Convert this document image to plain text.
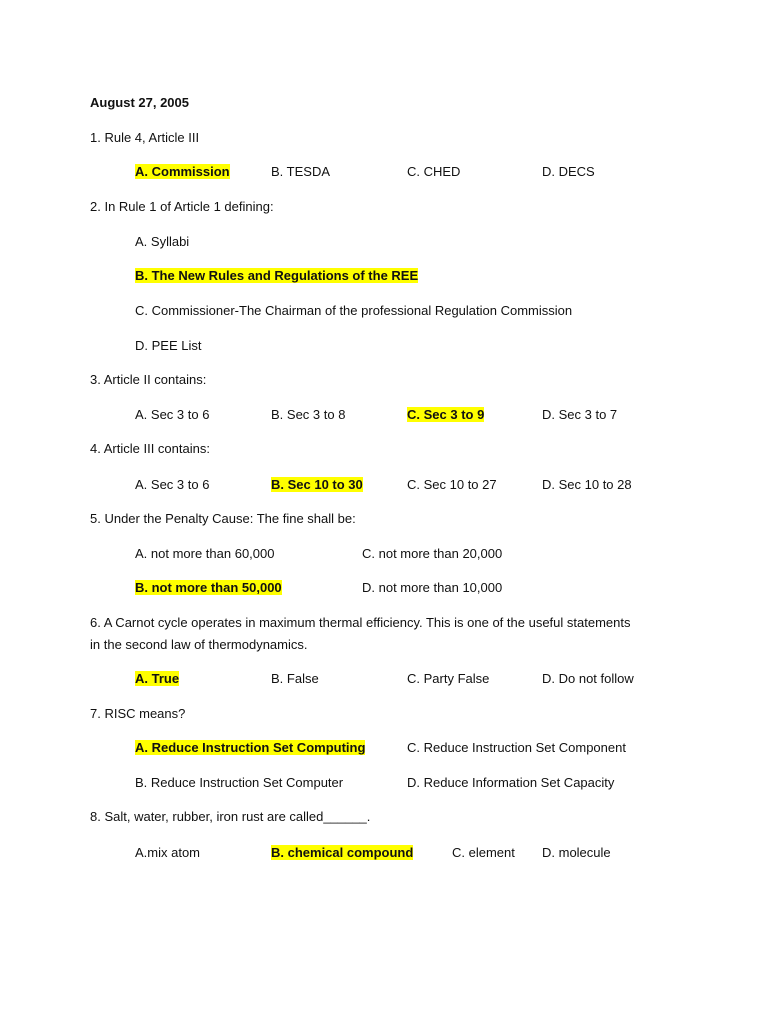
August 27, 2005
1. Rule 4, Article III
A. Commission	B. TESDA	C. CHED	D. DECS
2. In Rule 1 of Article 1 defining:
A. Syllabi
B. The New Rules and Regulations of the REE
C. Commissioner-The Chairman of the professional Regulation Commission
D. PEE List
3. Article II contains:
A. Sec 3 to 6	B. Sec 3 to 8	C. Sec 3 to 9	D. Sec 3 to 7
4. Article III contains:
A. Sec 3 to 6	B. Sec 10 to 30	C. Sec 10 to 27	D. Sec 10 to 28
5. Under the Penalty Cause: The fine shall be:
A. not more than 60,000	C. not more than 20,000
B. not more than 50,000	D. not more than 10,000
6. A Carnot cycle operates in maximum thermal efficiency. This is one of the useful statements
in the second law of thermodynamics.
A. True	B. False	C. Party False	D. Do not follow
7. RISC means?
A. Reduce Instruction Set Computing	C. Reduce Instruction Set Component
B. Reduce Instruction Set Computer	D. Reduce Information Set Capacity
8. Salt, water, rubber, iron rust are called______.
A.mix atom	B. chemical compound	C. element D. molecule
